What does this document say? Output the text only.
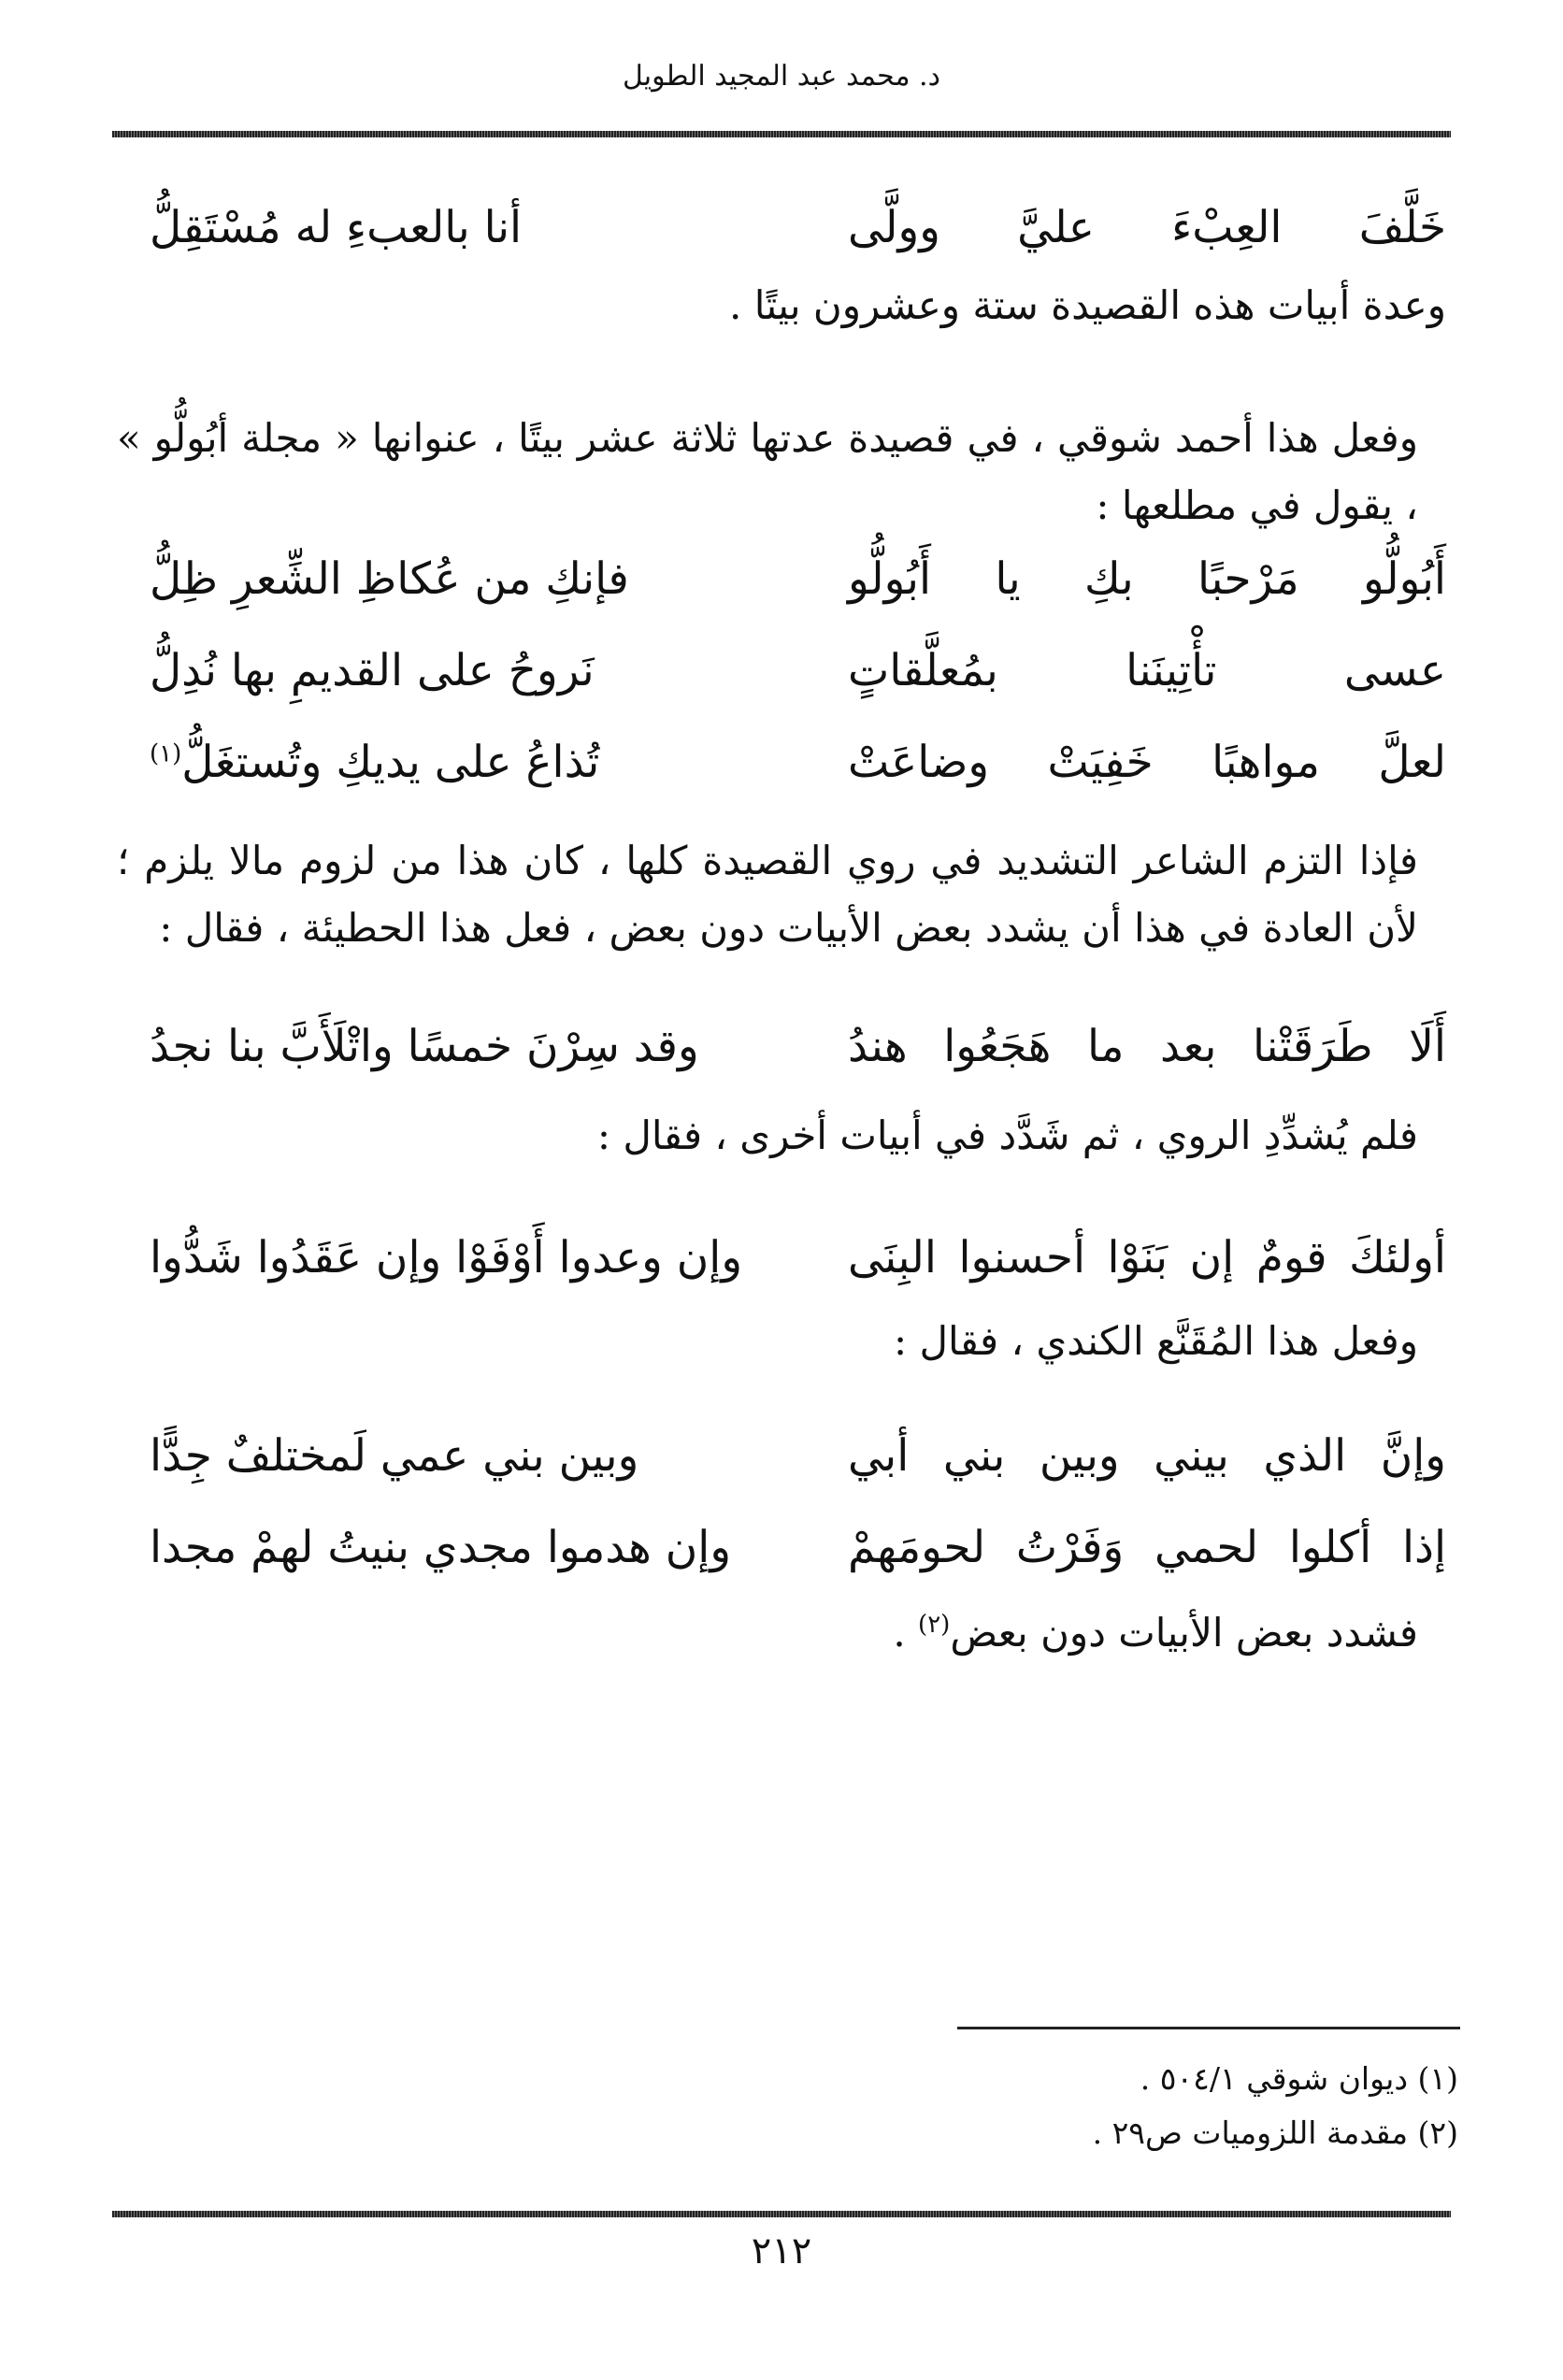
د. محمد عبد المجيد الطويل
خَلَّفَ العِبْءَ عليَّ وولَّى
أنا بالعبءِ له مُسْتَقِلُّ

وعدة أبيات هذه القصيدة ستة وعشرون بيتًا .

وفعل هذا أحمد شوقي ، في قصيدة عدتها ثلاثة عشر بيتًا ، عنوانها « مجلة أبُولُّو » ، يقول في مطلعها :

أَبُولُّو مَرْحبًا بكِ يا أَبُولُّو
فإنكِ من عُكاظِ الشِّعرِ ظِلُّ
عسى تأْتِينَنا بمُعلَّقاتٍ
نَروحُ على القديمِ بها نُدِلُّ
لعلَّ مواهبًا خَفِيَتْ وضاعَتْ
تُذاعُ على يديكِ وتُستغَلُّ$^{(١)}$

فإذا التزم الشاعر التشديد في روي القصيدة كلها ، كان هذا من لزوم مالا يلزم ؛ لأن العادة في هذا أن يشدد بعض الأبيات دون بعض ، فعل هذا الحطيئة ، فقال :

أَلَا طَرَقَتْنا بعد ما هَجَعُوا هندُ
وقد سِرْنَ خمسًا واتْلَأَبَّ بنا نجدُ

فلم يُشدِّدِ الروي ، ثم شَدَّد في أبيات أخرى ، فقال :

أولئكَ قومٌ إن بَنَوْا أحسنوا البِنَى
وإن وعدوا أَوْفَوْا وإن عَقَدُوا شَدُّوا

وفعل هذا المُقَنَّع الكندي ، فقال :

وإنَّ الذي بيني وبين بني أبي
وبين بني عمي لَمختلفٌ جِدًّا
إذا أكلوا لحمي وَفَرْتُ لحومَهمْ
وإن هدموا مجدي بنيتُ لهمْ مجدا

فشدد بعض الأبيات دون بعض$^{(٢)}$ .

(١) ديوان شوقي ٥٠٤/١ .
(٢) مقدمة اللزوميات ص٢٩ .
٢١٢
